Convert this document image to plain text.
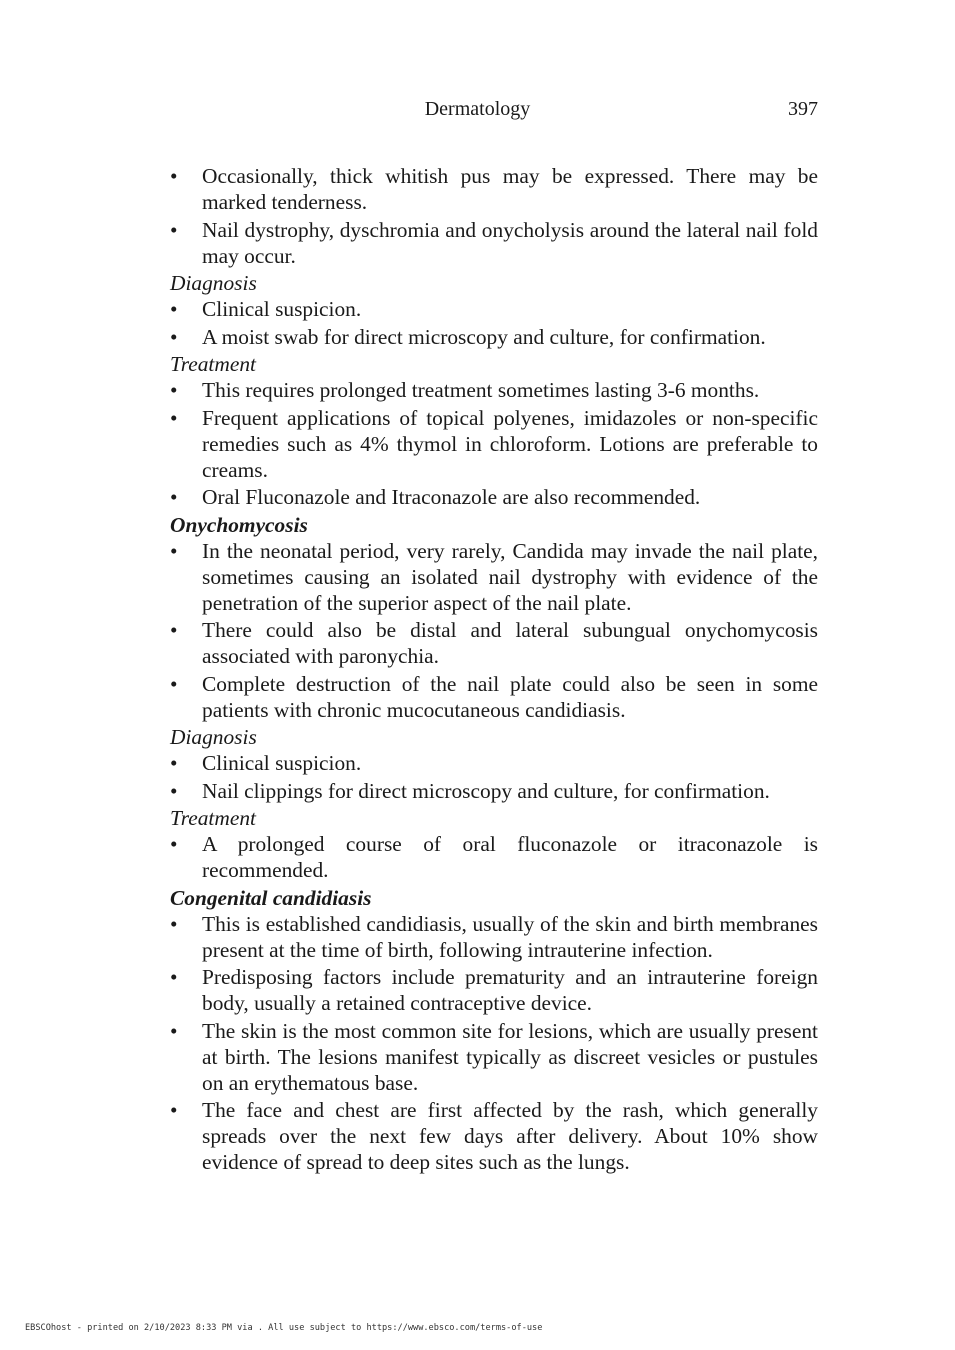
Dermatology	397
• Occasionally, thick whitish pus may be expressed. There may be marked tenderness.
• Nail dystrophy, dyschromia and onycholysis around the lateral nail fold may occur.
Diagnosis
• Clinical suspicion.
• A moist swab for direct microscopy and culture, for confirmation.
Treatment
• This requires prolonged treatment sometimes lasting 3-6 months.
• Frequent applications of topical polyenes, imidazoles or non-specific remedies such as 4% thymol in chloroform. Lotions are preferable to creams.
• Oral Fluconazole and Itraconazole are also recommended.
Onychomycosis
• In the neonatal period, very rarely, Candida may invade the nail plate, sometimes causing an isolated nail dystrophy with evidence of the penetration of the superior aspect of the nail plate.
• There could also be distal and lateral subungual onychomycosis associated with paronychia.
• Complete destruction of the nail plate could also be seen in some patients with chronic mucocutaneous candidiasis.
Diagnosis
• Clinical suspicion.
• Nail clippings for direct microscopy and culture, for confirmation.
Treatment
• A prolonged course of oral fluconazole or itraconazole is recommended.
Congenital candidiasis
• This is established candidiasis, usually of the skin and birth membranes present at the time of birth, following intrauterine infection.
• Predisposing factors include prematurity and an intrauterine foreign body, usually a retained contraceptive device.
• The skin is the most common site for lesions, which are usually present at birth. The lesions manifest typically as discreet vesicles or pustules on an erythematous base.
• The face and chest are first affected by the rash, which generally spreads over the next few days after delivery. About 10% show evidence of spread to deep sites such as the lungs.
EBSCOhost - printed on 2/10/2023 8:33 PM via . All use subject to https://www.ebsco.com/terms-of-use
